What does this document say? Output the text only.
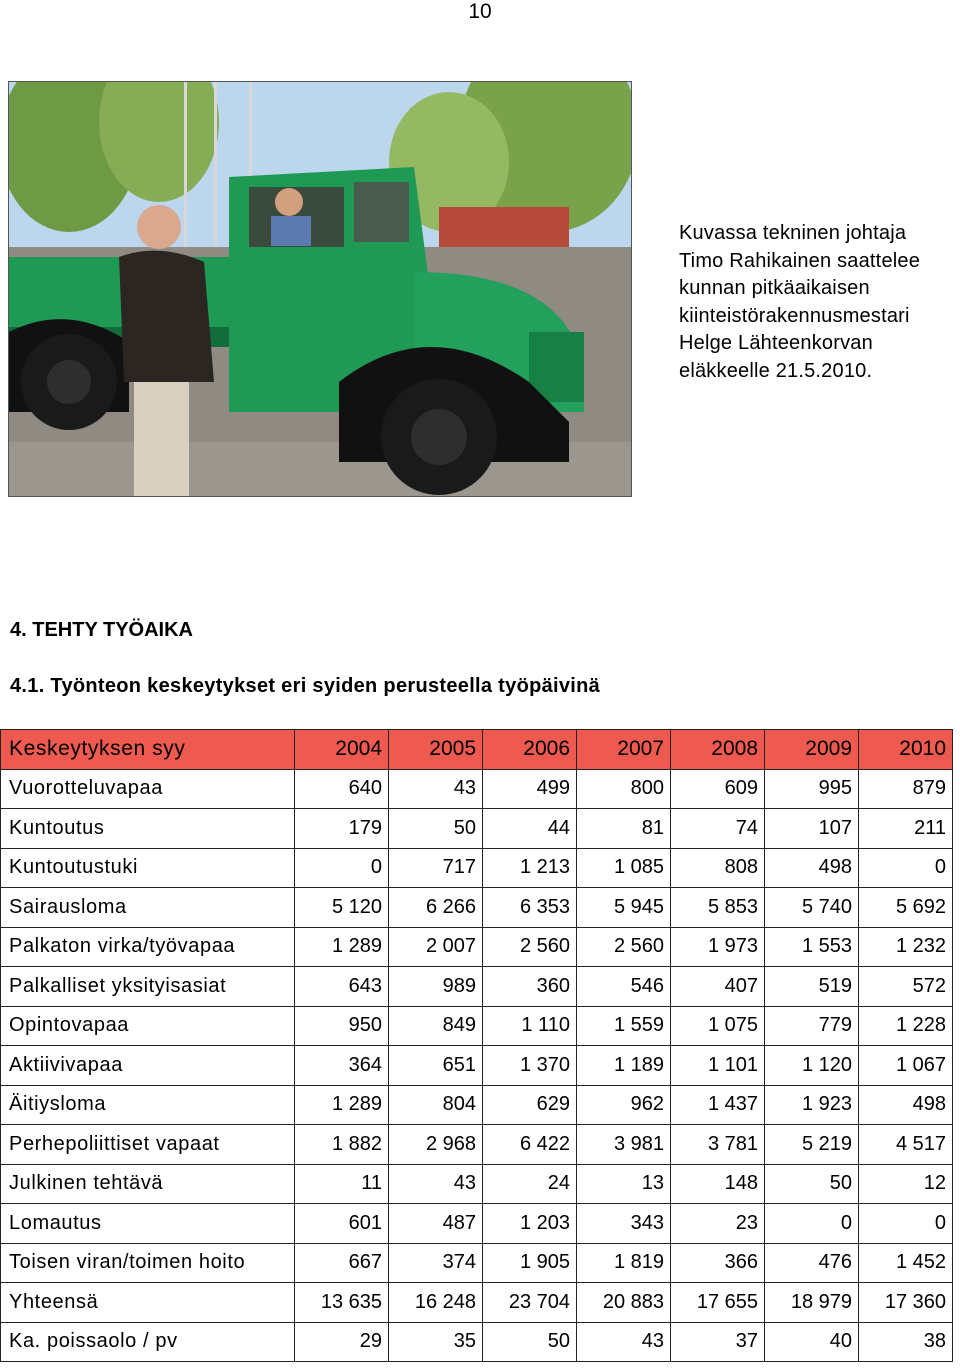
10
Kuvassa tekninen johtaja
Timo Rahikainen saattelee
kunnan pitkäaikaisen
kiinteistörakennusmestari
Helge Lähteenkorvan
eläkkeelle 21.5.2010.
4. TEHTY TYÖAIKA
4.1. Työnteon keskeytykset eri syiden perusteella työpäivinä
Keskeytyksen syy	2004	2005	2006	2007	2008	2009	2010
Vuorotteluvapaa	640	43	499	800	609	995	879
Kuntoutus	179	50	44	81	74	107	211
Kuntoutustuki	0	717	1 213	1 085	808	498	0
Sairausloma	5 120	6 266	6 353	5 945	5 853	5 740	5 692
Palkaton virka/työvapaa	1 289	2 007	2 560	2 560	1 973	1 553	1 232
Palkalliset yksityisasiat	643	989	360	546	407	519	572
Opintovapaa	950	849	1 110	1 559	1 075	779	1 228
Aktiivivapaa	364	651	1 370	1 189	1 101	1 120	1 067
Äitiysloma	1 289	804	629	962	1 437	1 923	498
Perhepoliittiset vapaat	1 882	2 968	6 422	3 981	3 781	5 219	4 517
Julkinen tehtävä	11	43	24	13	148	50	12
Lomautus	601	487	1 203	343	23	0	0
Toisen viran/toimen hoito	667	374	1 905	1 819	366	476	1 452
Yhteensä	13 635	16 248	23 704	20 883	17 655	18 979	17 360
Ka. poissaolo / pv	29	35	50	43	37	40	38
